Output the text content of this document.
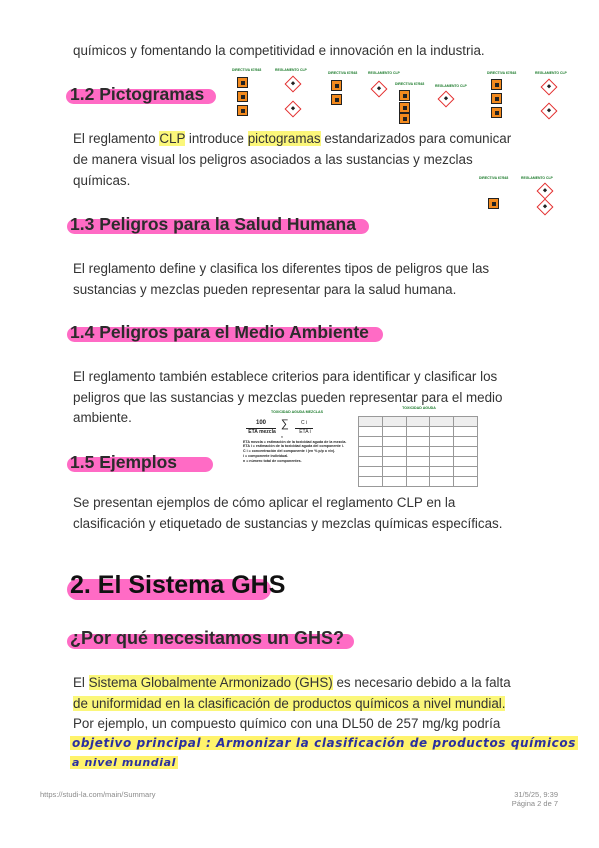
químicos y fomentando la competitividad e innovación en la industria.
1.2 Pictogramas
DIRECTIVA 67/548	REGLAMENTO CLP
DIRECTIVA 67/548	REGLAMENTO CLP
DIRECTIVA 67/548	REGLAMENTO CLP
DIRECTIVA 67/548	REGLAMENTO CLP
El reglamento CLP introduce pictogramas estandarizados para comunicar
de manera visual los peligros asociados a las sustancias y mezclas
químicas.	DIRECTIVA 67/548	REGLAMENTO CLP
1.3 Peligros para la Salud Humana
El reglamento define y clasifica los diferentes tipos de peligros que las
sustancias y mezclas pueden representar para la salud humana.
1.4 Peligros para el Medio Ambiente
El reglamento también establece criterios para identificar y clasificar los
peligros que las sustancias y mezclas pueden representar para el medio
ambiente.	TOXICIDAD AGUDA MEZCLAS
100
ETA mezcla
∑
n
C i
ETA i
ETA mezcla = estimación de la toxicidad aguda de la mezcla.
ETA i = estimación de la toxicidad aguda del componente i.
C i = concentración del componente i (en % p/p o v/v).
i = componente individual.
n = número total de componentes.
TOXICIDAD AGUDA

1.5 Ejemplos
Se presentan ejemplos de cómo aplicar el reglamento CLP en la
clasificación y etiquetado de sustancias y mezclas químicas específicas.
2. El Sistema GHS
¿Por qué necesitamos un GHS?
El Sistema Globalmente Armonizado (GHS) es necesario debido a la falta
de uniformidad en la clasificación de productos químicos a nivel mundial.
Por ejemplo, un compuesto químico con una DL50 de 257 mg/kg podría
objetivo principal : Armonizar la clasificación de productos químicos
a nivel mundial
https://studi-la.com/main/Summary	31/5/25, 9:39
Página 2 de 7
